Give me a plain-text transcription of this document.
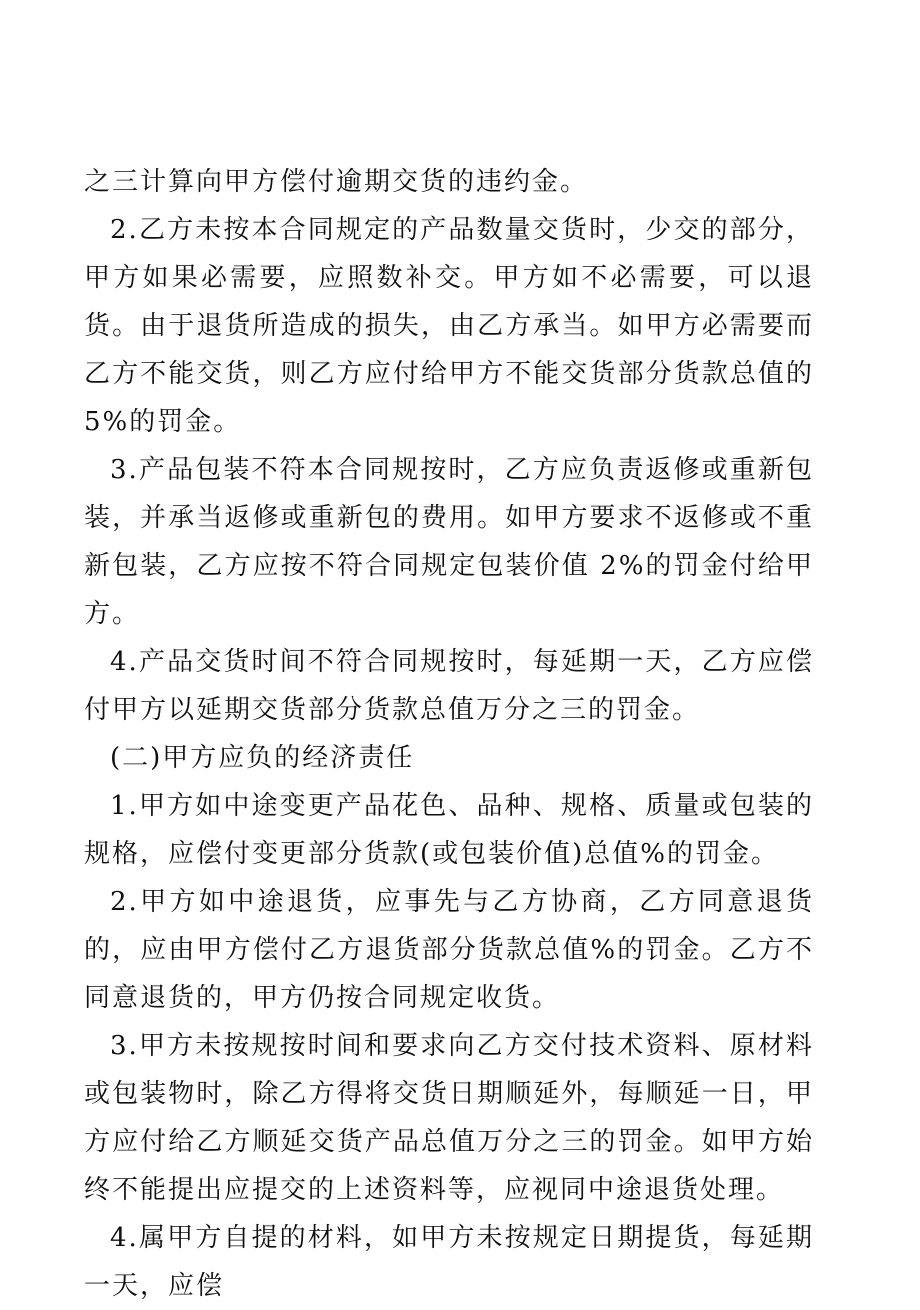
之三计算向甲方偿付逾期交货的违约金。

2.乙方未按本合同规定的产品数量交货时，少交的部分，甲方如果必需要，应照数补交。甲方如不必需要，可以退货。由于退货所造成的损失，由乙方承当。如甲方必需要而乙方不能交货，则乙方应付给甲方不能交货部分货款总值的 5%的罚金。

3.产品包装不符本合同规按时，乙方应负责返修或重新包装，并承当返修或重新包的费用。如甲方要求不返修或不重新包装，乙方应按不符合同规定包装价值 2%的罚金付给甲方。

4.产品交货时间不符合同规按时，每延期一天，乙方应偿付甲方以延期交货部分货款总值万分之三的罚金。

(二)甲方应负的经济责任

1.甲方如中途变更产品花色、品种、规格、质量或包装的规格，应偿付变更部分货款(或包装价值)总值%的罚金。

2.甲方如中途退货，应事先与乙方协商，乙方同意退货的，应由甲方偿付乙方退货部分货款总值%的罚金。乙方不同意退货的，甲方仍按合同规定收货。

3.甲方未按规按时间和要求向乙方交付技术资料、原材料或包装物时，除乙方得将交货日期顺延外，每顺延一日，甲方应付给乙方顺延交货产品总值万分之三的罚金。如甲方始终不能提出应提交的上述资料等，应视同中途退货处理。

4.属甲方自提的材料，如甲方未按规定日期提货，每延期一天，应偿
